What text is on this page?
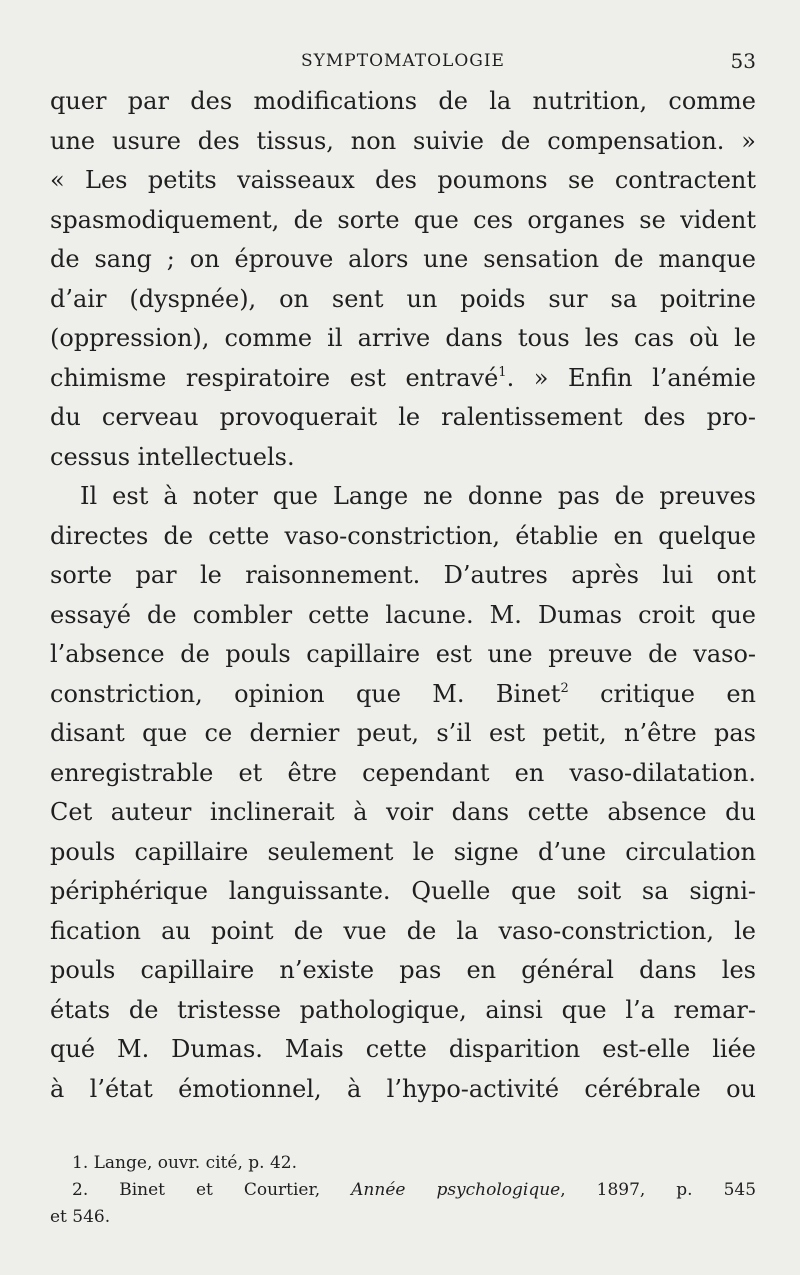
SYMPTOMATOLOGIE	53
quer par des modifications de la nutrition, comme
une usure des tissus, non suivie de compensation. »
« Les petits vaisseaux des poumons se contractent
spasmodiquement, de sorte que ces organes se vident
de sang ; on éprouve alors une sensation de manque
d’air (dyspnée), on sent un poids sur sa poitrine
(oppression), comme il arrive dans tous les cas où le
chimisme respiratoire est entravé$^1$. » Enfin l’anémie
du cerveau provoquerait le ralentissement des pro-
cessus intellectuels.
Il est à noter que Lange ne donne pas de preuves
directes de cette vaso-constriction, établie en quelque
sorte par le raisonnement. D’autres après lui ont
essayé de combler cette lacune. M. Dumas croit que
l’absence de pouls capillaire est une preuve de vaso-
constriction, opinion que M. Binet$^2$ critique en
disant que ce dernier peut, s’il est petit, n’être pas
enregistrable et être cependant en vaso-dilatation.
Cet auteur inclinerait à voir dans cette absence du
pouls capillaire seulement le signe d’une circulation
périphérique languissante. Quelle que soit sa signi-
fication au point de vue de la vaso-constriction, le
pouls capillaire n’existe pas en général dans les
états de tristesse pathologique, ainsi que l’a remar-
qué M. Dumas. Mais cette disparition est-elle liée
à l’état émotionnel, à l’hypo-activité cérébrale ou
1. Lange, ouvr. cité, p. 42.
2. Binet et Courtier, Année psychologique, 1897, p. 545
et 546.
